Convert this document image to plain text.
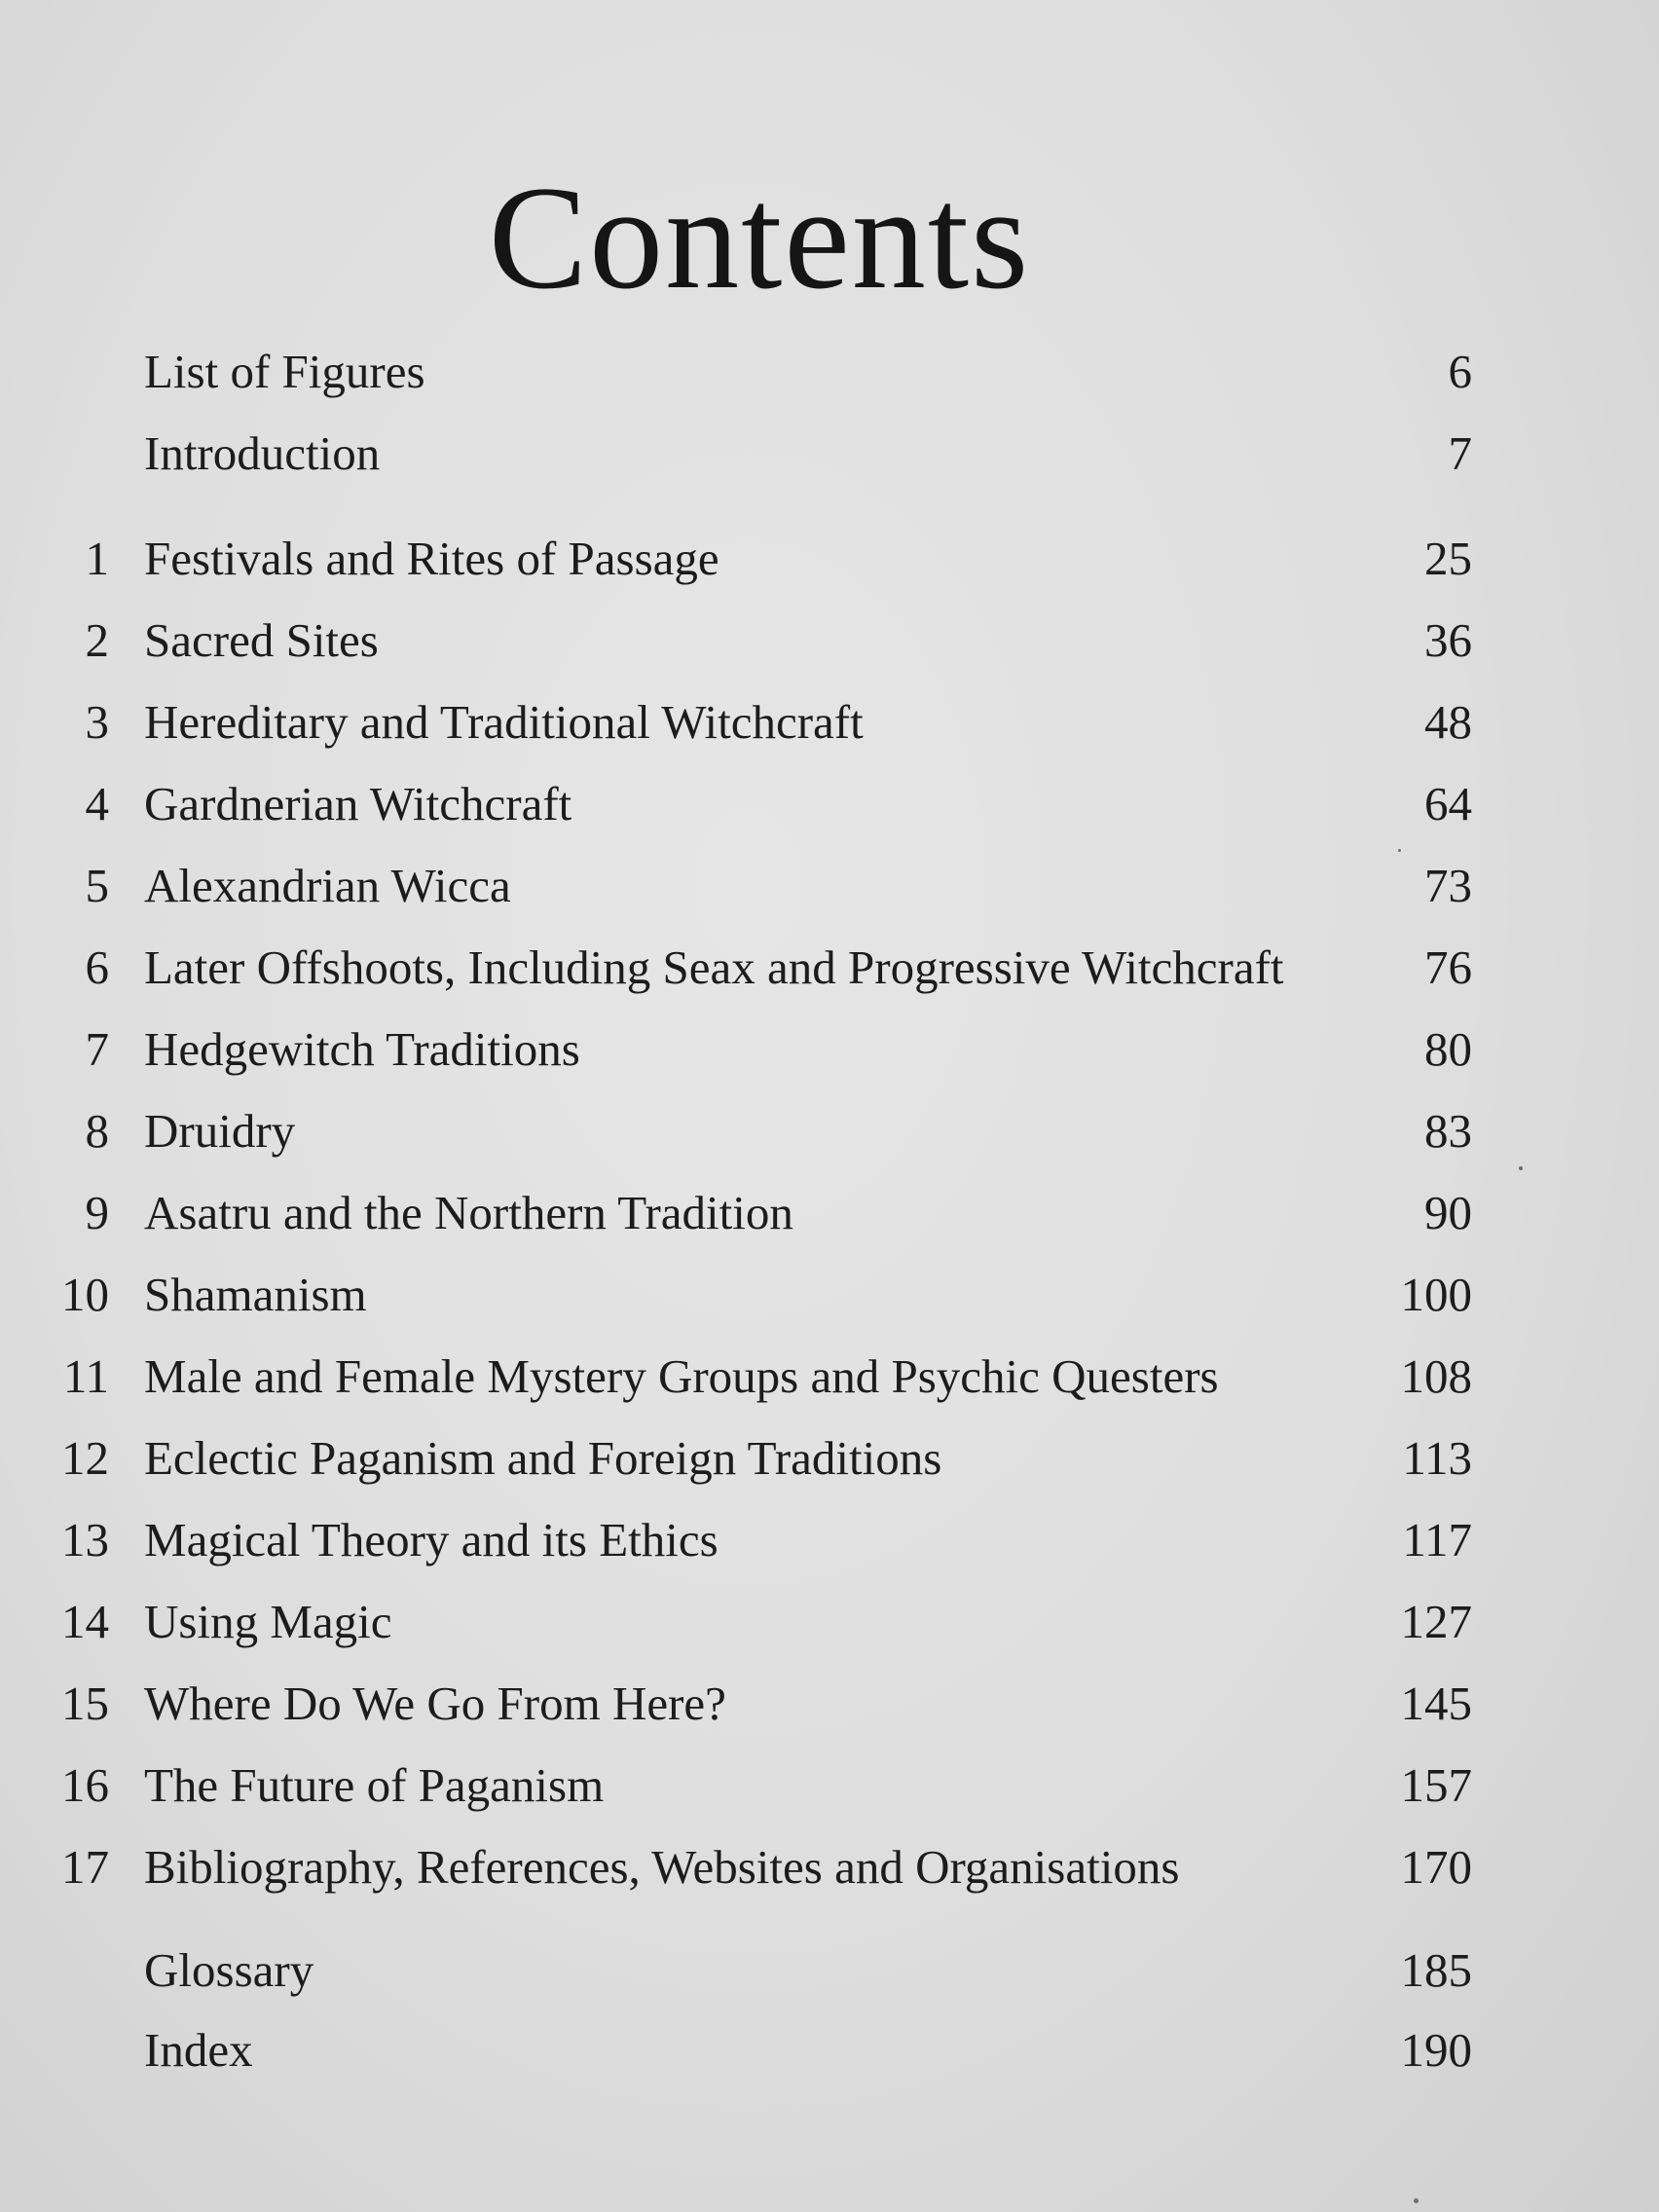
Contents
List of Figures	6
Introduction	7
1 Festivals and Rites of Passage	25
2 Sacred Sites	36
3 Hereditary and Traditional Witchcraft	48
4 Gardnerian Witchcraft	64
5 Alexandrian Wicca	73
6 Later Offshoots, Including Seax and Progressive Witchcraft	76
7 Hedgewitch Traditions	80
8 Druidry	83
9 Asatru and the Northern Tradition	90
10 Shamanism	100
11 Male and Female Mystery Groups and Psychic Questers	108
12 Eclectic Paganism and Foreign Traditions	113
13 Magical Theory and its Ethics	117
14 Using Magic	127
15 Where Do We Go From Here?	145
16 The Future of Paganism	157
17 Bibliography, References, Websites and Organisations	170
Glossary	185
Index	190
